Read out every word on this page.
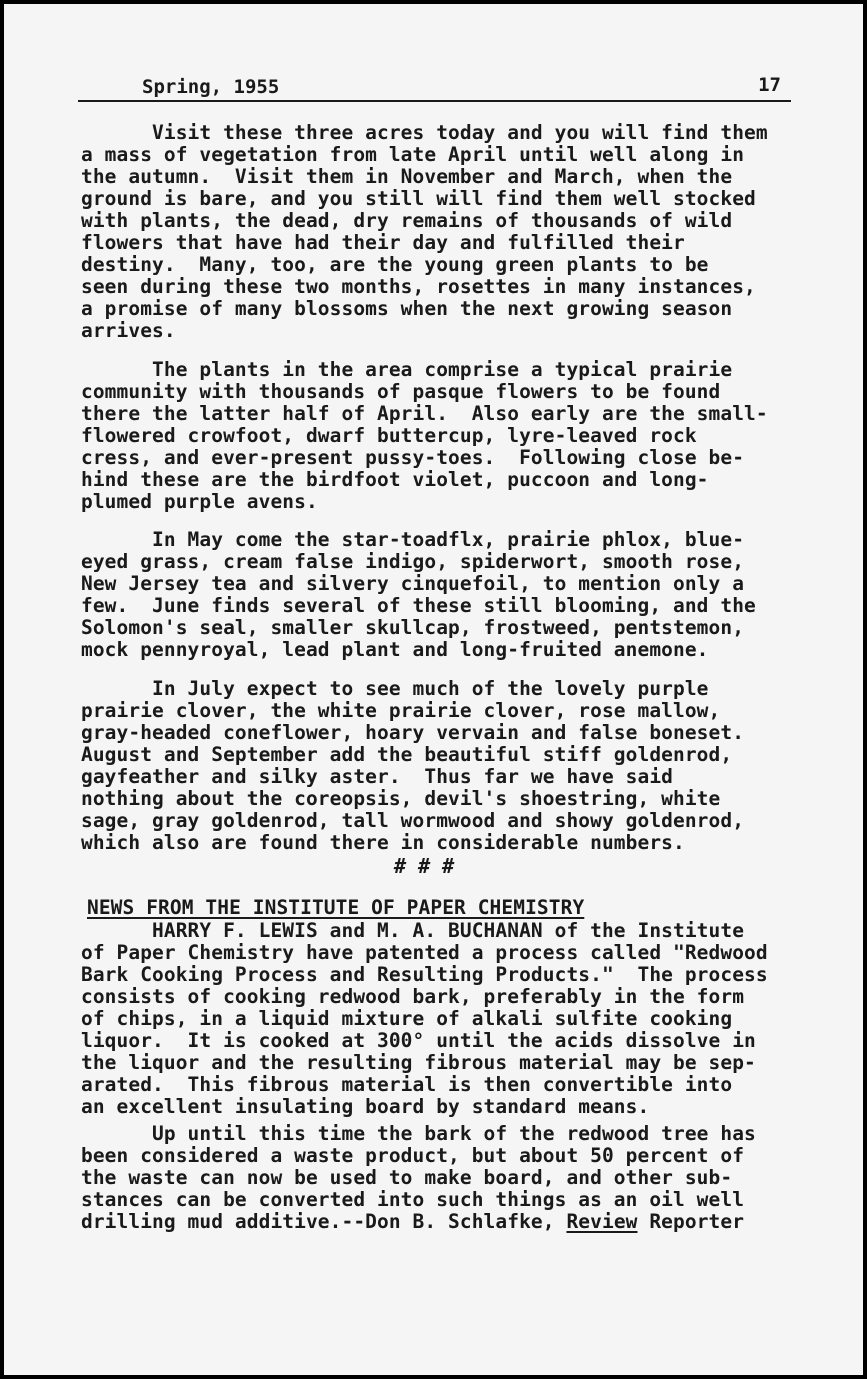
Spring, 1955	17
Visit these three acres today and you will find them
a mass of vegetation from late April until well along in
the autumn.  Visit them in November and March, when the
ground is bare, and you still will find them well stocked
with plants, the dead, dry remains of thousands of wild
flowers that have had their day and fulfilled their
destiny.  Many, too, are the young green plants to be
seen during these two months, rosettes in many instances,
a promise of many blossoms when the next growing season
arrives.
The plants in the area comprise a typical prairie
community with thousands of pasque flowers to be found
there the latter half of April.  Also early are the small-
flowered crowfoot, dwarf buttercup, lyre-leaved rock
cress, and ever-present pussy-toes.  Following close be-
hind these are the birdfoot violet, puccoon and long-
plumed purple avens.
In May come the star-toadflx, prairie phlox, blue-
eyed grass, cream false indigo, spiderwort, smooth rose,
New Jersey tea and silvery cinquefoil, to mention only a
few.  June finds several of these still blooming, and the
Solomon's seal, smaller skullcap, frostweed, pentstemon,
mock pennyroyal, lead plant and long-fruited anemone.
In July expect to see much of the lovely purple
prairie clover, the white prairie clover, rose mallow,
gray-headed coneflower, hoary vervain and false boneset.
August and September add the beautiful stiff goldenrod,
gayfeather and silky aster.  Thus far we have said
nothing about the coreopsis, devil's shoestring, white
sage, gray goldenrod, tall wormwood and showy goldenrod,
which also are found there in considerable numbers.
# # #
NEWS FROM THE INSTITUTE OF PAPER CHEMISTRY
HARRY F. LEWIS and M. A. BUCHANAN of the Institute
of Paper Chemistry have patented a process called "Redwood
Bark Cooking Process and Resulting Products."  The process
consists of cooking redwood bark, preferably in the form
of chips, in a liquid mixture of alkali sulfite cooking
liquor.  It is cooked at 300° until the acids dissolve in
the liquor and the resulting fibrous material may be sep-
arated.  This fibrous material is then convertible into
an excellent insulating board by standard means.
Up until this time the bark of the redwood tree has
been considered a waste product, but about 50 percent of
the waste can now be used to make board, and other sub-
stances can be converted into such things as an oil well
drilling mud additive.--Don B. Schlafke, Review Reporter
